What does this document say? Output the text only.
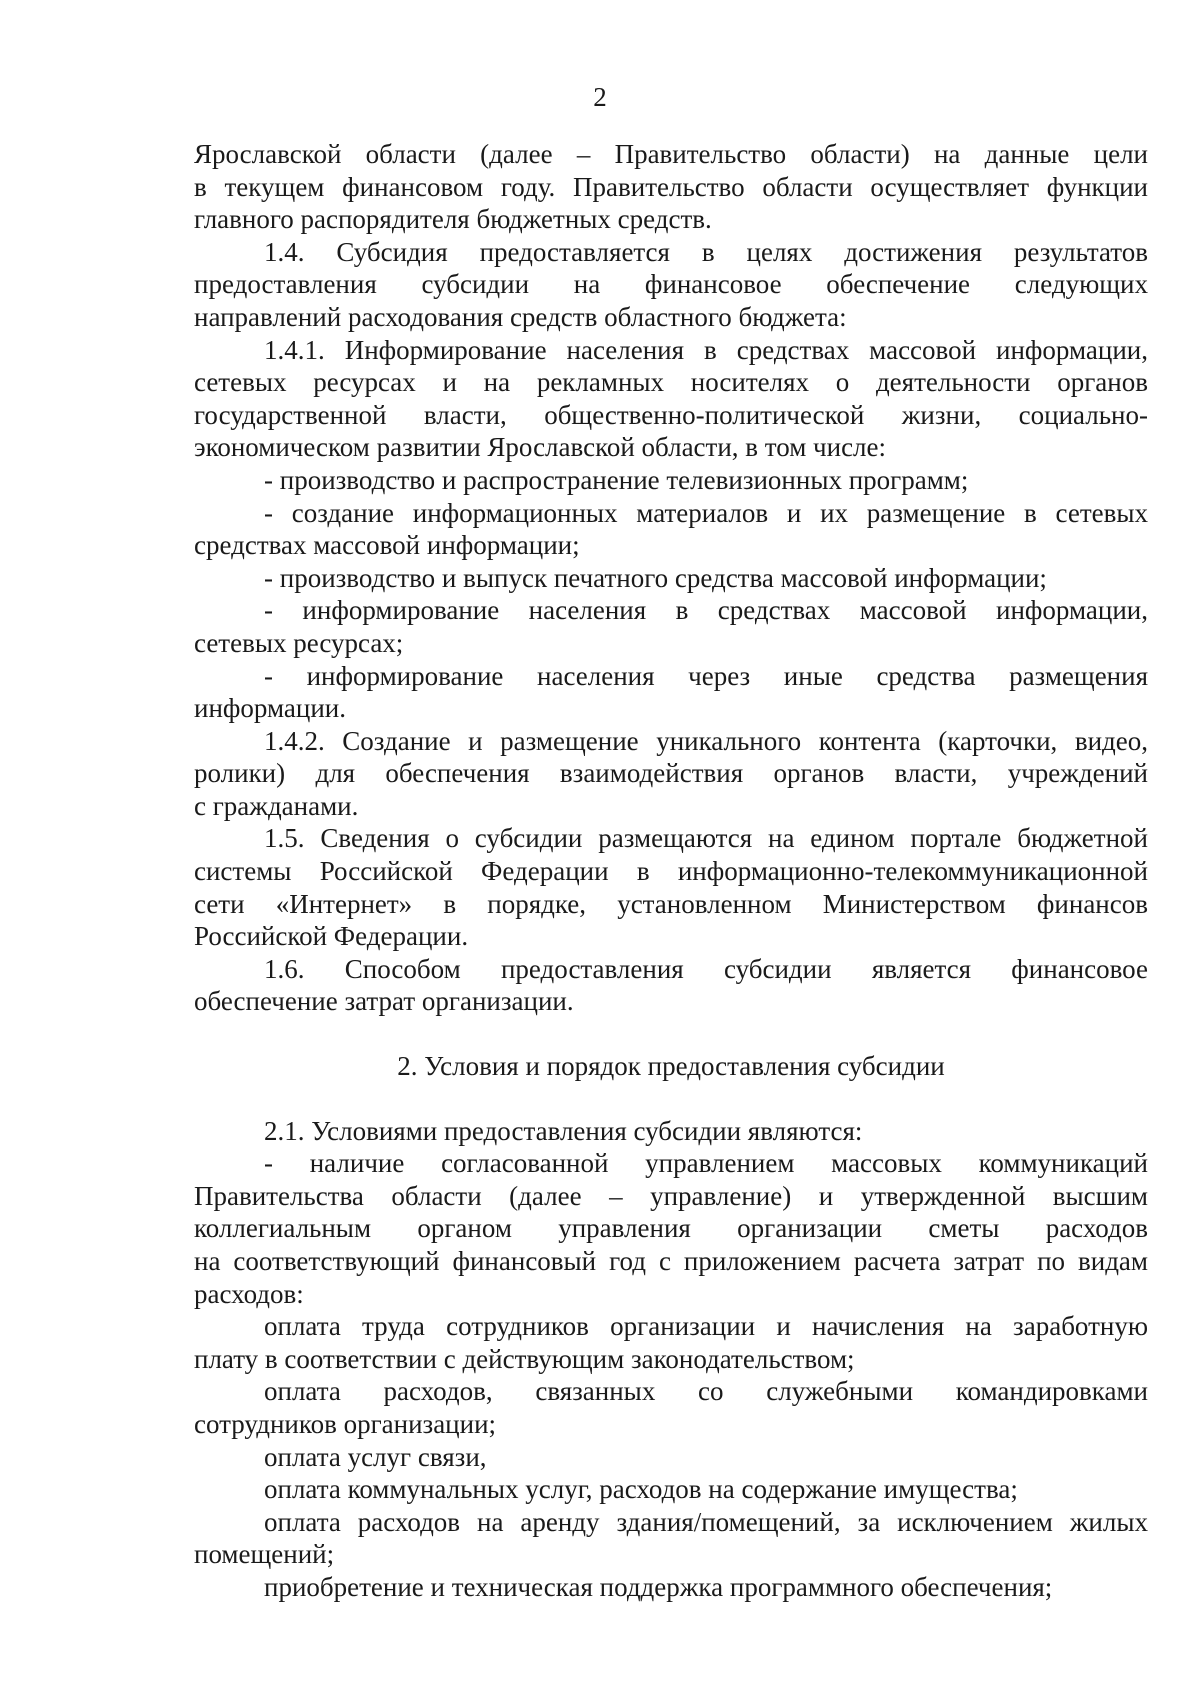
2

Ярославской области (далее – Правительство области) на данные цели

в текущем финансовом году. Правительство области осуществляет функции

главного распорядителя бюджетных средств.

1.4. Субсидия предоставляется в целях достижения результатов

предоставления субсидии на финансовое обеспечение следующих

направлений расходования средств областного бюджета:

1.4.1. Информирование населения в средствах массовой информации,

сетевых ресурсах и на рекламных носителях о деятельности органов

государственной власти, общественно-политической жизни, социально-

экономическом развитии Ярославской области, в том числе:

- производство и распространение телевизионных программ;

- создание информационных материалов и их размещение в сетевых

средствах массовой информации;

- производство и выпуск печатного средства массовой информации;

- информирование населения в средствах массовой информации,

сетевых ресурсах;

- информирование населения через иные средства размещения

информации.

1.4.2. Создание и размещение уникального контента (карточки, видео,

ролики) для обеспечения взаимодействия органов власти, учреждений

с гражданами.

1.5. Сведения о субсидии размещаются на едином портале бюджетной

системы Российской Федерации в информационно-телекоммуникационной

сети «Интернет» в порядке, установленном Министерством финансов

Российской Федерации.

1.6. Способом предоставления субсидии является финансовое

обеспечение затрат организации.

2. Условия и порядок предоставления субсидии

2.1. Условиями предоставления субсидии являются:

- наличие согласованной управлением массовых коммуникаций

Правительства области (далее – управление) и утвержденной высшим

коллегиальным органом управления организации сметы расходов

на соответствующий финансовый год с приложением расчета затрат по видам

расходов:

оплата труда сотрудников организации и начисления на заработную

плату в соответствии с действующим законодательством;

оплата расходов, связанных со служебными командировками

сотрудников организации;

оплата услуг связи,

оплата коммунальных услуг, расходов на содержание имущества;

оплата расходов на аренду здания/помещений, за исключением жилых

помещений;

приобретение и техническая поддержка программного обеспечения;
